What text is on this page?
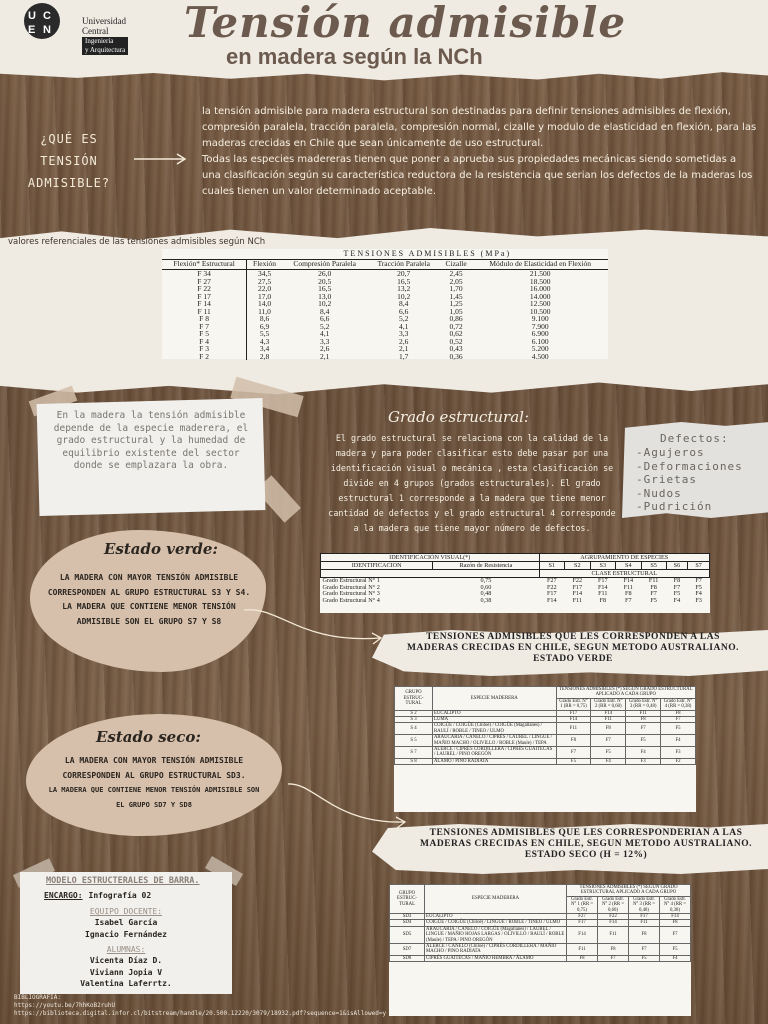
U C
E N
Universidad
Central
Ingeniería
y Arquitectura
Tensión admisible
en madera según la NCh
¿QUÉ ES
TENSIÓN
ADMISIBLE?

la tensión admisible para madera estructural son destinadas para definir tensiones admisibles de flexión, compresión paralela, tracción paralela, compresión normal, cizalle y modulo de elasticidad en flexión, para las maderas crecidas en Chile que sean únicamente de uso estructural.

Todas las especies madereras tienen que poner a aprueba sus propiedades mecánicas siendo sometidas a una clasificación según su característica reductora de la resistencia que serian los defectos de la maderas los cuales tienen un valor determinado aceptable.

valores referenciales de las tensiones admisibles según NCh
	TENSIONES ADMISIBLES (MPa)				
Flexión* Estructural	Flexión	Compresión Paralela	Tracción Paralela	Cizalle	Módulo de Elasticidad en Flexión
F 34	34,5	26,0	20,7	2,45	21.500
F 27	27,5	20,5	16,5	2,05	18.500
F 22	22,0	16,5	13,2	1,70	16.000
F 17	17,0	13,0	10,2	1,45	14.000
F 14	14,0	10,2	8,4	1,25	12.500
F 11	11,0	8,4	6,6	1,05	10.500
F 8	8,6	6,6	5,2	0,86	9.100
F 7	6,9	5,2	4,1	0,72	7.900
F 5	5,5	4,1	3,3	0,62	6.900
F 4	4,3	3,3	2,6	0,52	6.100
F 3	3,4	2,6	2,1	0,43	5.200
F 2	2,8	2,1	1,7	0,36	4.500
En la madera la tensión admisible depende de la especie maderera, el grado estructural y la humedad de equilibrio existente del sector donde se emplazara la obra.
Grado estructural:
El grado estructural se relaciona con la calidad de la madera y para poder clasificar esto debe pasar por una identificación visual o mecánica , esta clasificación se divide en 4 grupos (grados estructurales). El grado estructural 1 corresponde a la madera que tiene menor cantidad de defectos y el grado estructural 4 corresponde a la madera que tiene mayor número de defectos.
Defectos:
-Agujeros
-Deformaciones
-Grietas
-Nudos
-Pudrición
IDENTIFICACIÓN VISUAL(*)		AGRUPAMIENTO DE ESPECIES						
IDENTIFICACION	Razón de Resistencia	S1	S2	S3	S4	S5	S6	S7
		CLASE ESTRUCTURAL						
Grado Estructural N° 1	0,75	F27	F22	F17	F14	F11	F8	F7
Grado Estructural N° 2	0,60	F22	F17	F14	F11	F8	F7	F5
Grado Estructural N° 3	0,48	F17	F14	F11	F8	F7	F5	F4
Grado Estructural N° 4	0,38	F14	F11	F8	F7	F5	F4	F3
Estado verde:
LA MADERA CON MAYOR TENSIÓN ADMISIBLE CORRESPONDEN AL GRUPO ESTRUCTURAL S3 Y S4.
LA MADERA QUE CONTIENE MENOR TENSIÓN ADMISIBLE SON EL GRUPO S7 Y S8
Estado seco:
LA MADERA CON MAYOR TENSIÓN ADMISIBLE CORRESPONDEN AL GRUPO ESTRUCTURAL SD3.
LA MADERA QUE CONTIENE MENOR TENSIÓN ADMISIBLE SON EL GRUPO SD7 Y SD8
TENSIONES ADMISIBLES QUE LES CORRESPONDEN A LAS MADERAS CRECIDAS EN CHILE, SEGUN METODO AUSTRALIANO. ESTADO VERDE
GRUPO ESTRUC-TURAL	ESPECIE MADERERA	TENSIONES ADMISIBLES (*) SEGUN GRADO ESTRUCTURAL APLICADO A CADA GRUPO			
		Grado Estr. N° 1 (RR = 0,75)	Grado Estr. N° 2 (RR = 0,60)	Grado Estr. N° 3 (RR = 0,48)	Grado Estr. N° 4 (RR = 0,38)
S 2	EUCALIPTO	F17	F14	F11	F8
S 3	LUMA	F14	F11	F8	F7
S 4	COIGÜE / COIGÜE (Chiloé) / COIGÜE (Magallanes) / RAULÍ / ROBLE / TINEO / ULMO	F11	F8	F7	F5
S 5	ARAUCARIA / CANELO / CIPRÉS / LAUREL / LINGUE / MAÑIO MACHO / OLIVILLO / ROBLE (Maule) / TEPA	F8	F7	F5	F4
S 7	ALERCE / CIPRÉS CORDILLERA / CIPRÉS GUAITECAS / LAUREL / PINO OREGÓN	F7	F5	F4	F3
S 8	ÁLAMO / PINO RADIATA	F5	F4	F3	F2
TENSIONES ADMISIBLES QUE LES CORRESPONDERIAN A LAS MADERAS CRECIDAS EN CHILE, SEGUN METODO AUSTRALIANO. ESTADO SECO (H = 12%)
GRUPO ESTRUC-TURAL	ESPECIE MADERERA	TENSIONES ADMISIBLES (*) SEGUN GRADO ESTRUCTURAL APLICADO A CADA GRUPO			
		Grado Estr. N° 1 (RR = 0,75)	Grado Estr. N° 2 (RR = 0,60)	Grado Estr. N° 3 (RR = 0,48)	Grado Estr. N° 4 (RR = 0,38)
SD3	EUCALIPTO	F27	F22	F17	F14
SD4	COIGÜE / COIGÜE (Chiloé) / LINGUE / ROBLE / TINEO / ULMO	F17	F14	F11	F8
SD5	ARAUCARIA / CANELO / COIGÜE (Magallanes) / LAUREL / LINGUE / MAÑIO HOJAS LARGAS / OLIVILLO / RAULÍ / ROBLE (Maule) / TEPA / PINO OREGÓN	F14	F11	F8	F7
SD7	ALERCE / CANELO (Chiloé) / CIPRÉS CORDILLERA / MAÑIO MACHO / PINO RADIATA	F11	F8	F7	F5
SD8	CIPRÉS GUAITECAS / MAÑIO HEMBRA / ÁLAMO	F8	F7	F5	F4
MODELO ESTRUCTERALES DE BARRA.
ENCARGO: Infografía 02
EQUIPO DOCENTE:
Isabel García
Ignacio Fernández
ALUMNAS:
Vicenta Díaz D.
Viviann Jopia V
Valentina Laferrtz.
BIBLIOGRAFÍA:
https://youtu.be/7hhKoB2ruhU
https://biblioteca.digital.infor.cl/bitstream/handle/20.500.12220/3079/18932.pdf?sequence=1&isAllowed=y
